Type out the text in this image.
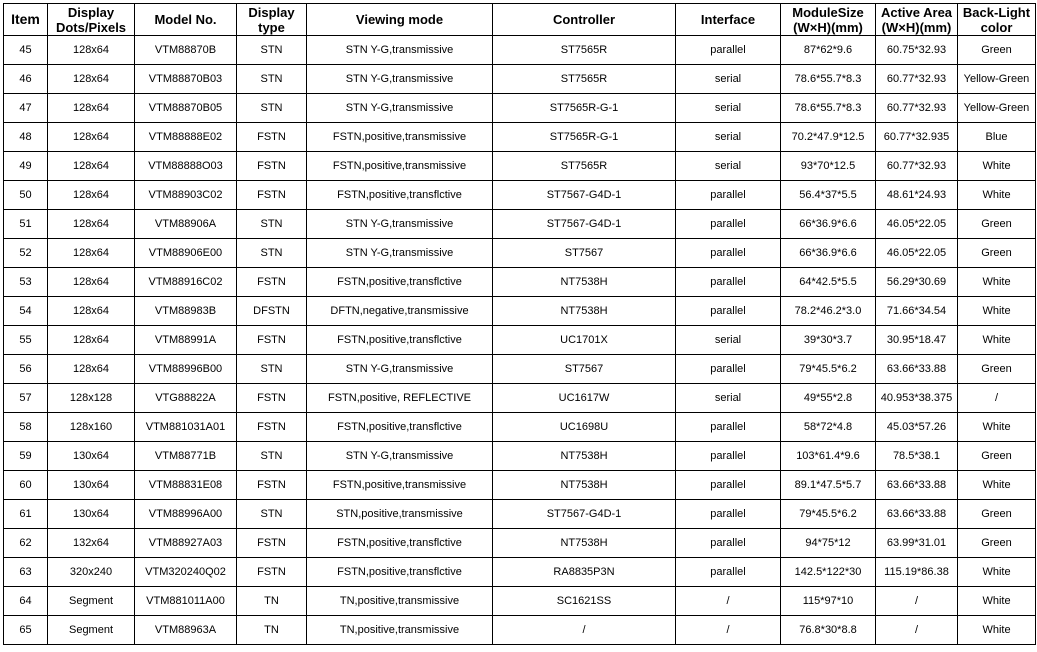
Item	Display Dots/Pixels	Model No.	Display type	Viewing mode	Controller	Interface	ModuleSize (W×H)(mm)	Active Area (W×H)(mm)	Back-Light color
45	128x64	VTM88870B	STN	STN Y-G,transmissive	ST7565R	parallel	87*62*9.6	60.75*32.93	Green
46	128x64	VTM88870B03	STN	STN Y-G,transmissive	ST7565R	serial	78.6*55.7*8.3	60.77*32.93	Yellow-Green
47	128x64	VTM88870B05	STN	STN Y-G,transmissive	ST7565R-G-1	serial	78.6*55.7*8.3	60.77*32.93	Yellow-Green
48	128x64	VTM88888E02	FSTN	FSTN,positive,transmissive	ST7565R-G-1	serial	70.2*47.9*12.5	60.77*32.935	Blue
49	128x64	VTM88888O03	FSTN	FSTN,positive,transmissive	ST7565R	serial	93*70*12.5	60.77*32.93	White
50	128x64	VTM88903C02	FSTN	FSTN,positive,transflctive	ST7567-G4D-1	parallel	56.4*37*5.5	48.61*24.93	White
51	128x64	VTM88906A	STN	STN Y-G,transmissive	ST7567-G4D-1	parallel	66*36.9*6.6	46.05*22.05	Green
52	128x64	VTM88906E00	STN	STN Y-G,transmissive	ST7567	parallel	66*36.9*6.6	46.05*22.05	Green
53	128x64	VTM88916C02	FSTN	FSTN,positive,transflctive	NT7538H	parallel	64*42.5*5.5	56.29*30.69	White
54	128x64	VTM88983B	DFSTN	DFTN,negative,transmissive	NT7538H	parallel	78.2*46.2*3.0	71.66*34.54	White
55	128x64	VTM88991A	FSTN	FSTN,positive,transflctive	UC1701X	serial	39*30*3.7	30.95*18.47	White
56	128x64	VTM88996B00	STN	STN Y-G,transmissive	ST7567	parallel	79*45.5*6.2	63.66*33.88	Green
57	128x128	VTG88822A	FSTN	FSTN,positive, REFLECTIVE	UC1617W	serial	49*55*2.8	40.953*38.375	/
58	128x160	VTM881031A01	FSTN	FSTN,positive,transflctive	UC1698U	parallel	58*72*4.8	45.03*57.26	White
59	130x64	VTM88771B	STN	STN Y-G,transmissive	NT7538H	parallel	103*61.4*9.6	78.5*38.1	Green
60	130x64	VTM88831E08	FSTN	FSTN,positive,transmissive	NT7538H	parallel	89.1*47.5*5.7	63.66*33.88	White
61	130x64	VTM88996A00	STN	STN,positive,transmissive	ST7567-G4D-1	parallel	79*45.5*6.2	63.66*33.88	Green
62	132x64	VTM88927A03	FSTN	FSTN,positive,transflctive	NT7538H	parallel	94*75*12	63.99*31.01	Green
63	320x240	VTM320240Q02	FSTN	FSTN,positive,transflctive	RA8835P3N	parallel	142.5*122*30	115.19*86.38	White
64	Segment	VTM881011A00	TN	TN,positive,transmissive	SC1621SS	/	115*97*10	/	White
65	Segment	VTM88963A	TN	TN,positive,transmissive	/	/	76.8*30*8.8	/	White
